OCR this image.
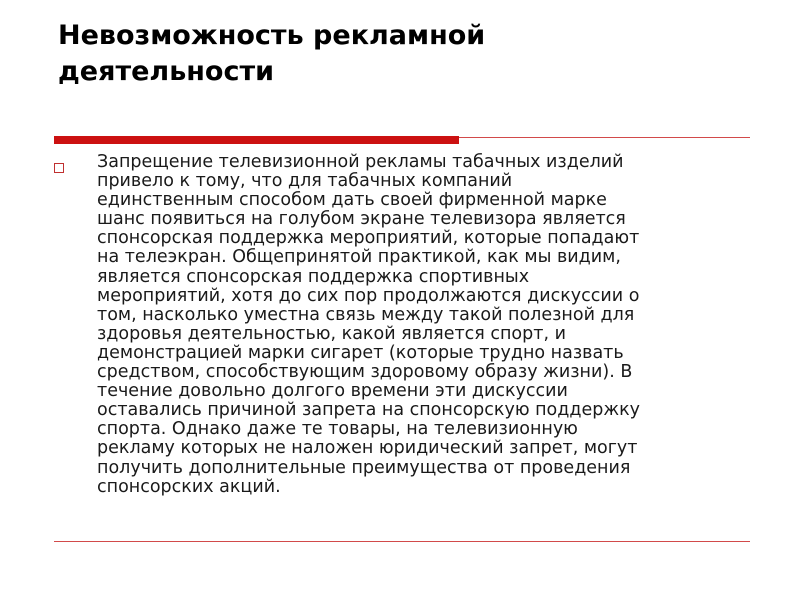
Невозможность рекламной
деятельности

Запрещение телевизионной рекламы табачных изделий
привело к тому, что для табачных компаний
единственным способом дать своей фирменной марке
шанс появиться на голубом экране телевизора является
спонсорская поддержка мероприятий, которые попадают
на телеэкран. Общепринятой практикой, как мы видим,
является спонсорская поддержка спортивных
мероприятий, хотя до сих пор продолжаются дискуссии о
том, насколько уместна связь между такой полезной для
здоровья деятельностью, какой является спорт, и
демонстрацией марки сигарет (которые трудно назвать
средством, способствующим здоровому образу жизни). В
течение довольно долгого времени эти дискуссии
оставались причиной запрета на спонсорскую поддержку
спорта. Однако даже те товары, на телевизионную
рекламу которых не наложен юридический запрет, могут
получить дополнительные преимущества от проведения
спонсорских акций.
